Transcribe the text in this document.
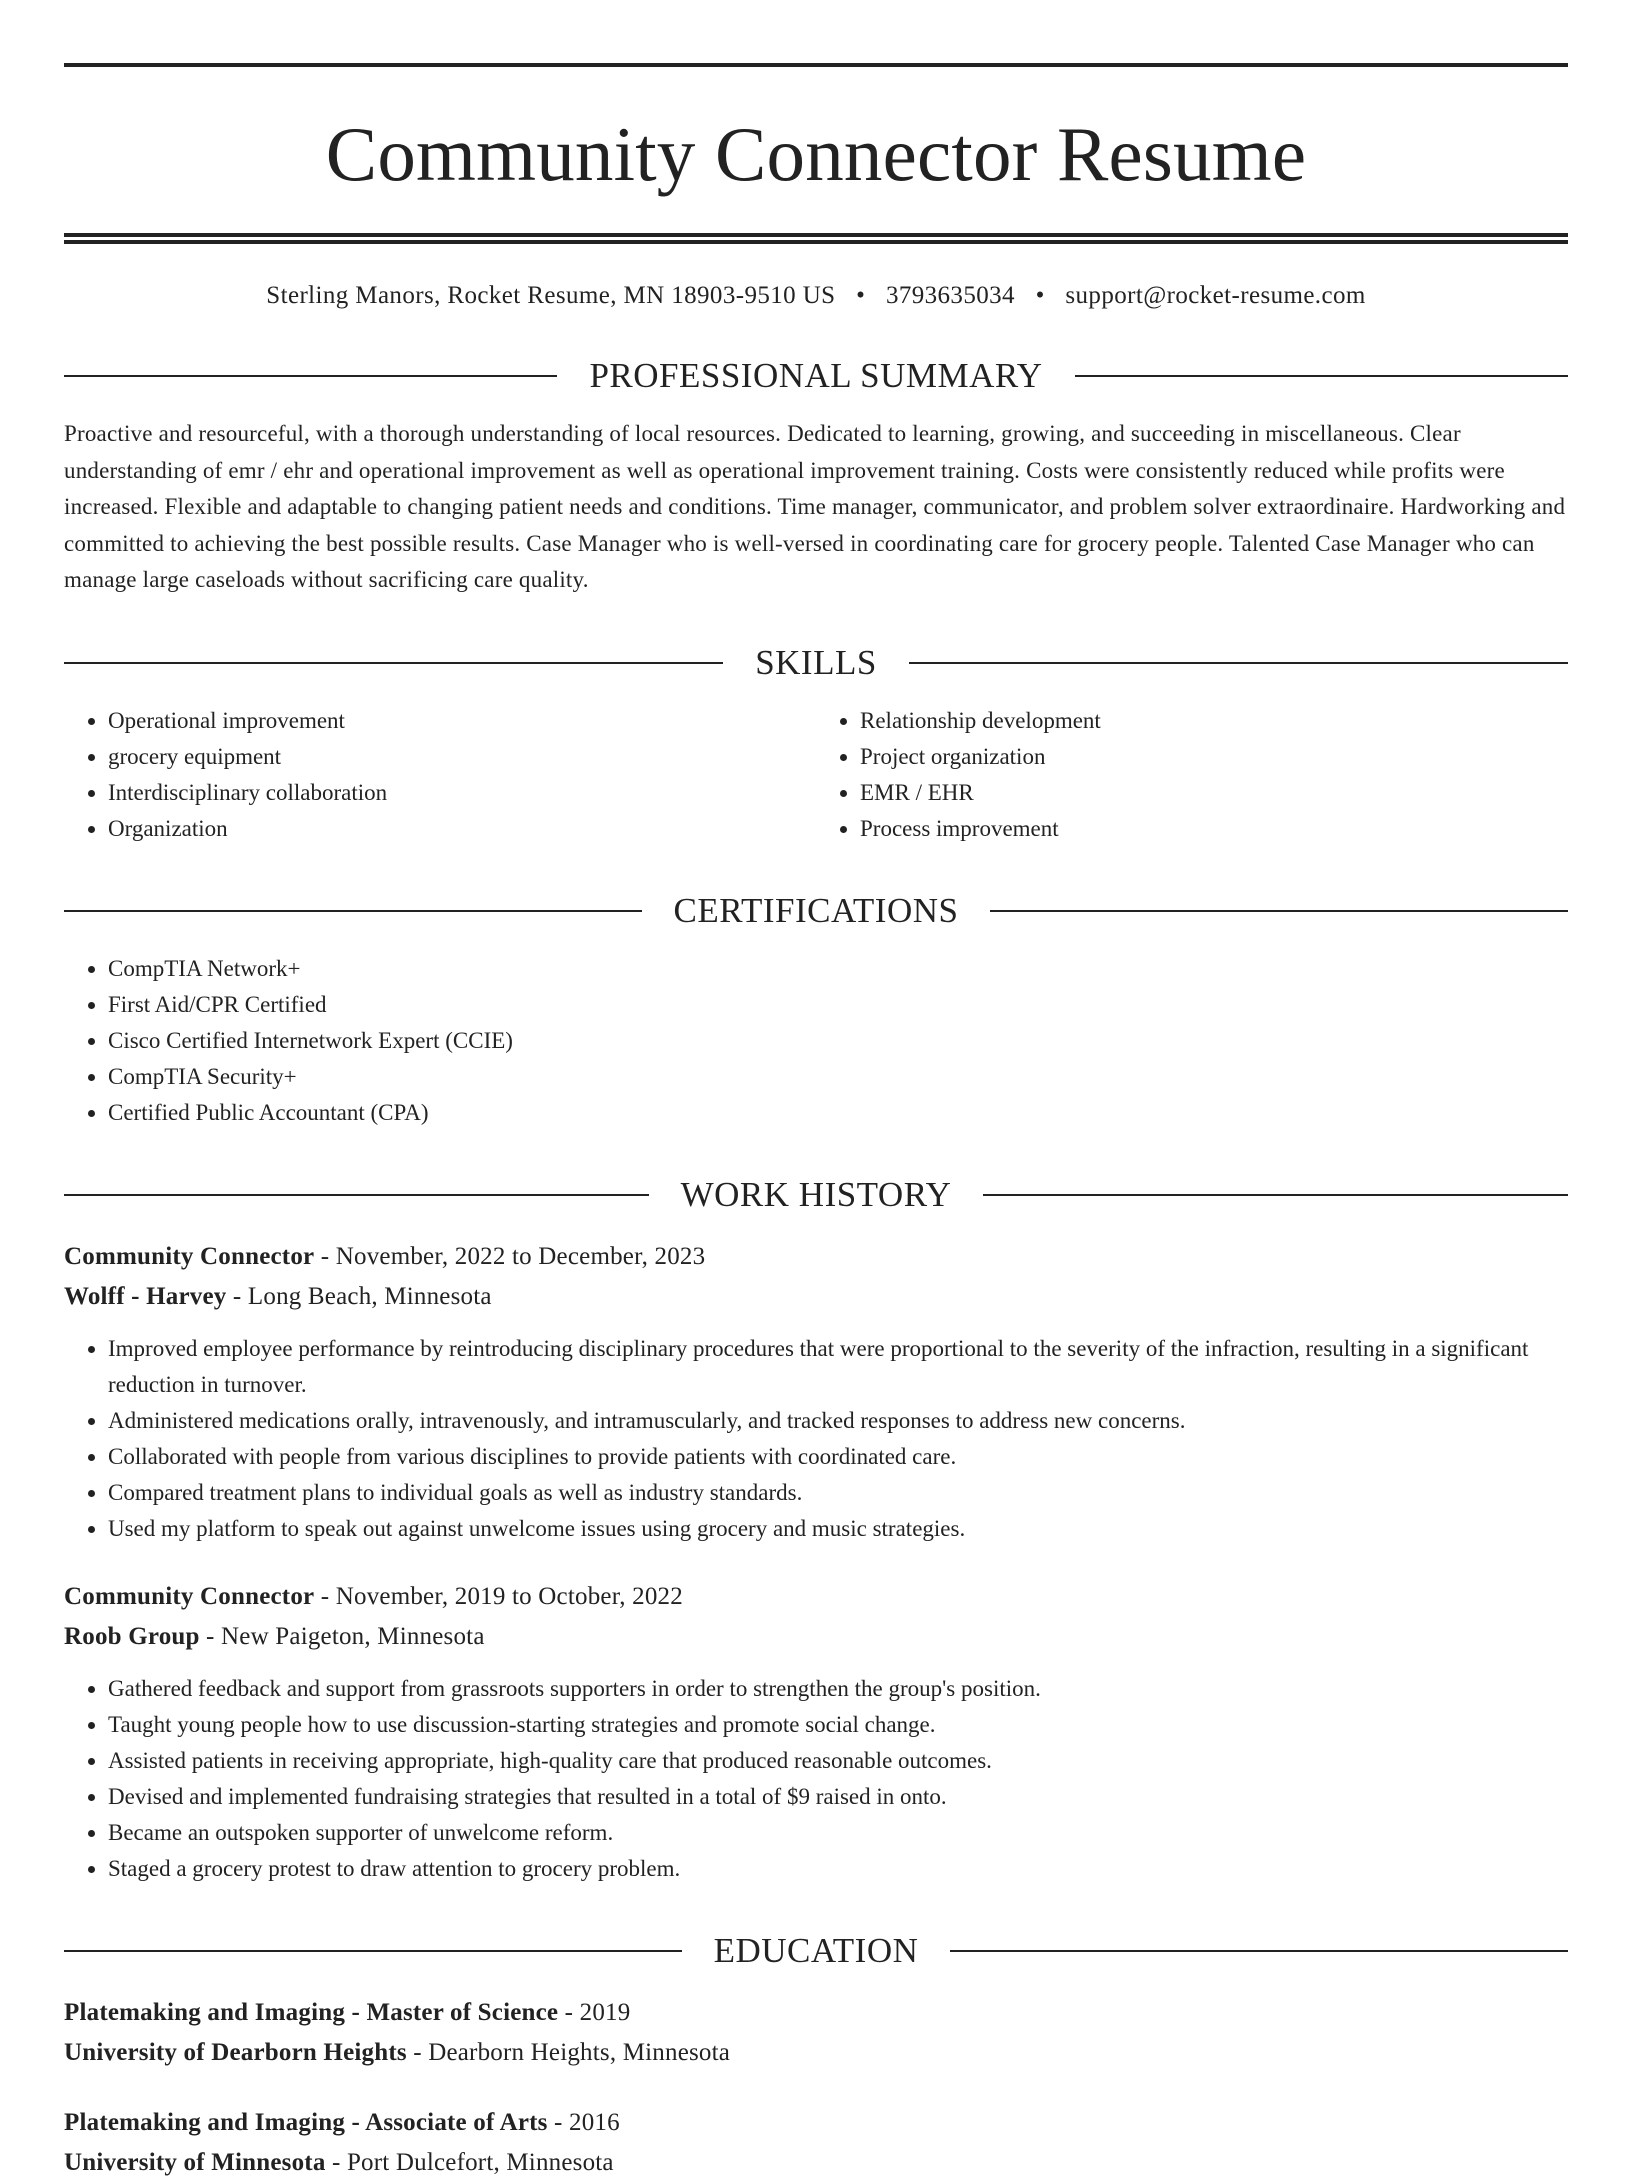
Community Connector Resume
Sterling Manors, Rocket Resume, MN 18903-9510 US • 3793635034 • support@rocket-resume.com
PROFESSIONAL SUMMARY
Proactive and resourceful, with a thorough understanding of local resources. Dedicated to learning, growing, and succeeding in miscellaneous. Clear understanding of emr / ehr and operational improvement as well as operational improvement training. Costs were consistently reduced while profits were increased. Flexible and adaptable to changing patient needs and conditions. Time manager, communicator, and problem solver extraordinaire. Hardworking and committed to achieving the best possible results. Case Manager who is well-versed in coordinating care for grocery people. Talented Case Manager who can manage large caseloads without sacrificing care quality.
SKILLS
• Operational improvement
• grocery equipment
• Interdisciplinary collaboration
• Organization
• Relationship development
• Project organization
• EMR / EHR
• Process improvement
CERTIFICATIONS
• CompTIA Network+
• First Aid/CPR Certified
• Cisco Certified Internetwork Expert (CCIE)
• CompTIA Security+
• Certified Public Accountant (CPA)
WORK HISTORY
Community Connector - November, 2022 to December, 2023
Wolff - Harvey - Long Beach, Minnesota
• Improved employee performance by reintroducing disciplinary procedures that were proportional to the severity of the infraction, resulting in a significant reduction in turnover.
• Administered medications orally, intravenously, and intramuscularly, and tracked responses to address new concerns.
• Collaborated with people from various disciplines to provide patients with coordinated care.
• Compared treatment plans to individual goals as well as industry standards.
• Used my platform to speak out against unwelcome issues using grocery and music strategies.
Community Connector - November, 2019 to October, 2022
Roob Group - New Paigeton, Minnesota
• Gathered feedback and support from grassroots supporters in order to strengthen the group's position.
• Taught young people how to use discussion-starting strategies and promote social change.
• Assisted patients in receiving appropriate, high-quality care that produced reasonable outcomes.
• Devised and implemented fundraising strategies that resulted in a total of $9 raised in onto.
• Became an outspoken supporter of unwelcome reform.
• Staged a grocery protest to draw attention to grocery problem.
EDUCATION
Platemaking and Imaging - Master of Science - 2019
University of Dearborn Heights - Dearborn Heights, Minnesota
Platemaking and Imaging - Associate of Arts - 2016
University of Minnesota - Port Dulcefort, Minnesota
